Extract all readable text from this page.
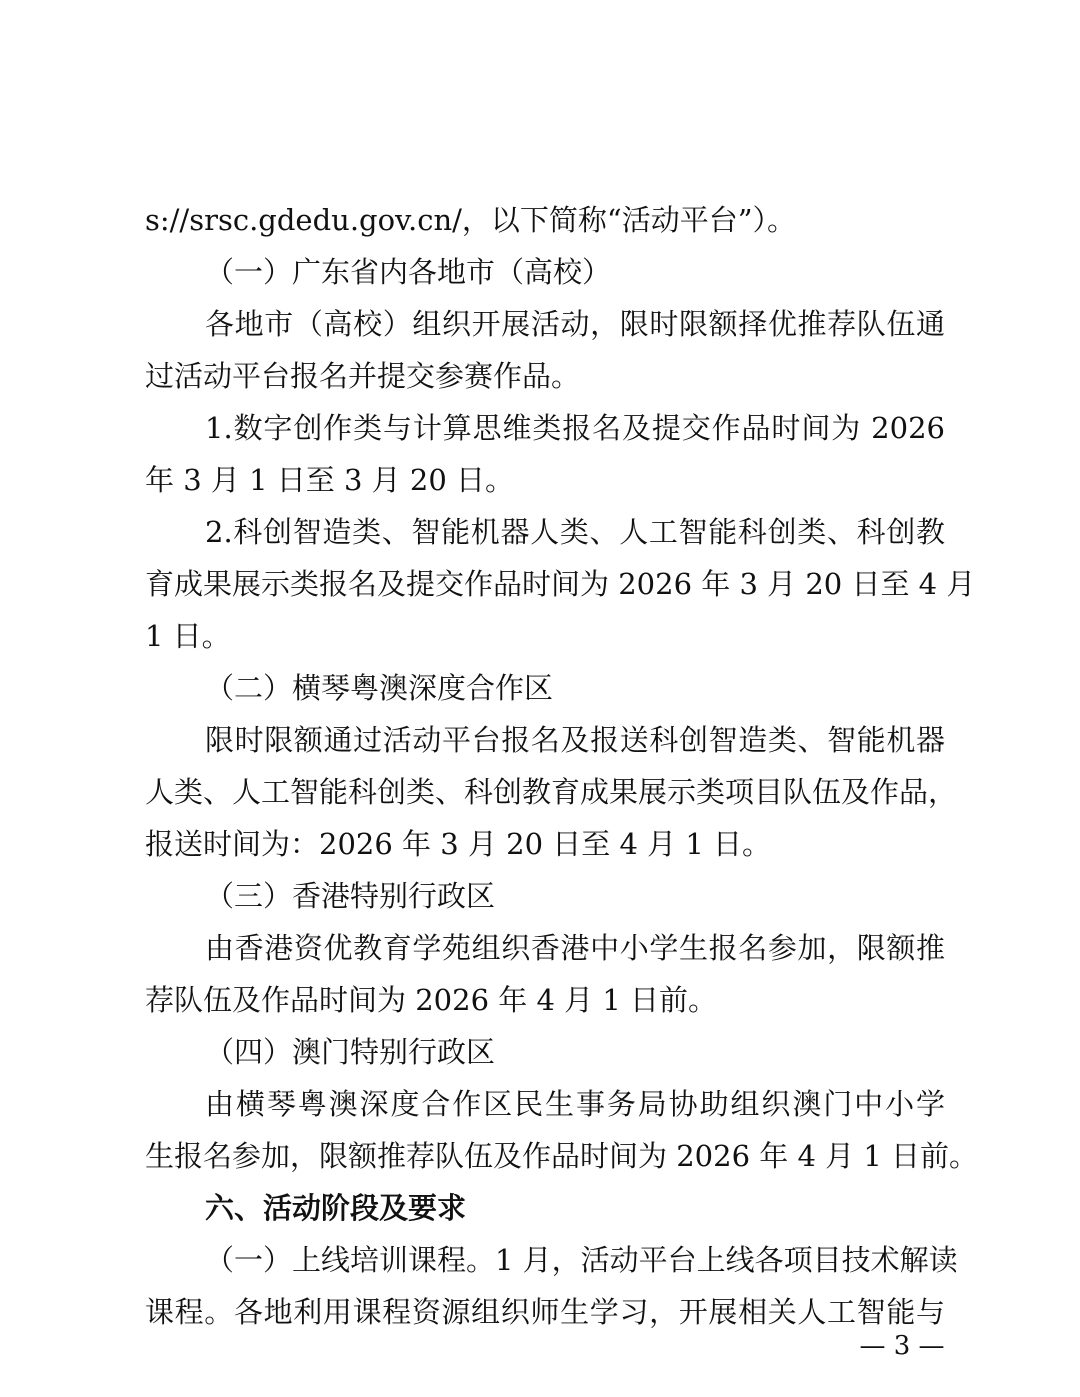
s://srsc.gdedu.gov.cn/，以下简称“活动平台”）。
（一）广东省内各地市（高校）
各地市（高校）组织开展活动，限时限额择优推荐队伍通
过活动平台报名并提交参赛作品。
1.数字创作类与计算思维类报名及提交作品时间为 2026
年 3 月 1 日至 3 月 20 日。
2.科创智造类、智能机器人类、人工智能科创类、科创教
育成果展示类报名及提交作品时间为 2026 年 3 月 20 日至 4 月
1 日。
（二）横琴粤澳深度合作区
限时限额通过活动平台报名及报送科创智造类、智能机器
人类、人工智能科创类、科创教育成果展示类项目队伍及作品，
报送时间为：2026 年 3 月 20 日至 4 月 1 日。
（三）香港特别行政区
由香港资优教育学苑组织香港中小学生报名参加，限额推
荐队伍及作品时间为 2026 年 4 月 1 日前。
（四）澳门特别行政区
由横琴粤澳深度合作区民生事务局协助组织澳门中小学
生报名参加，限额推荐队伍及作品时间为 2026 年 4 月 1 日前。
六、活动阶段及要求
（一）上线培训课程。1 月，活动平台上线各项目技术解读
课程。各地利用课程资源组织师生学习，开展相关人工智能与
— 3 —
